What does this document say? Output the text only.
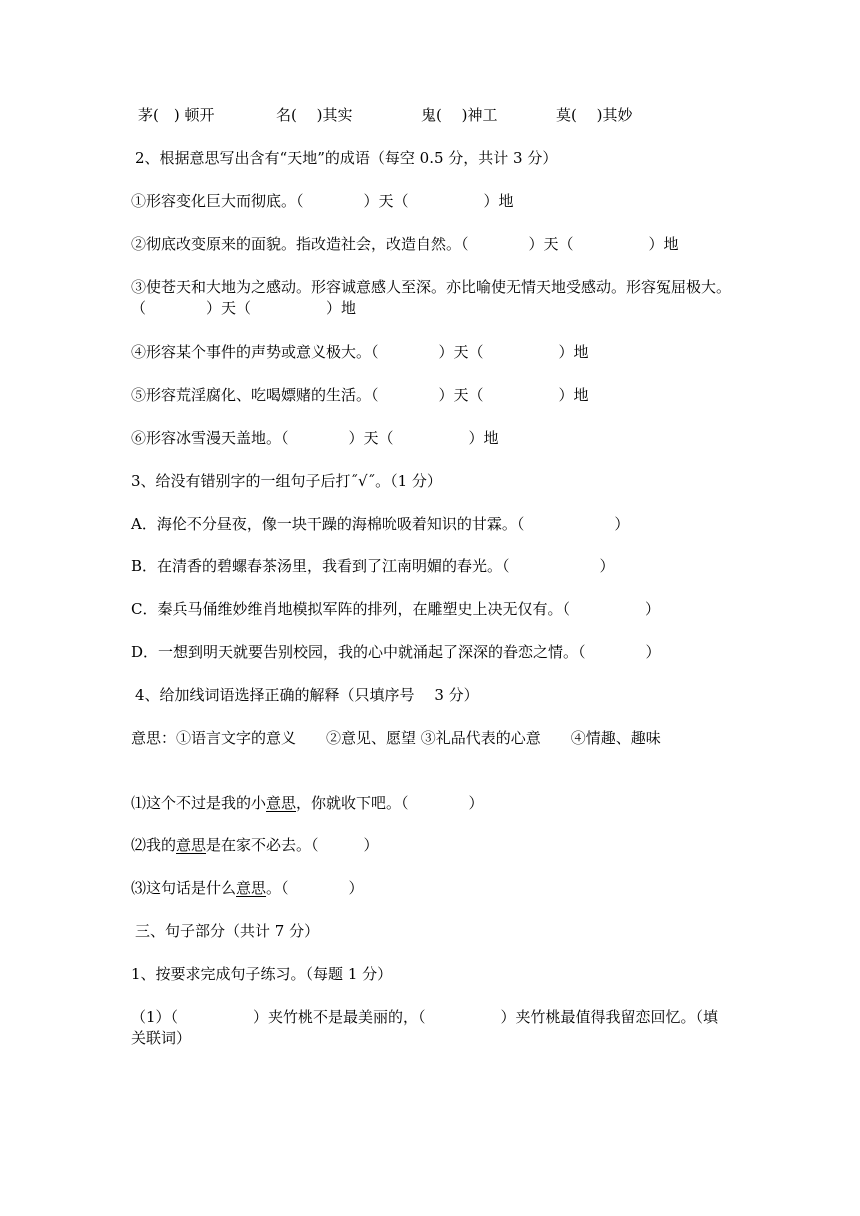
茅(　) 顿开	名(　 )其实	鬼(　 )神工	莫(　 )其妙
2、根据意思写出含有“天地”的成语（每空 0.5 分，共计 3 分）
①形容变化巨大而彻底。（　　　　）天（　　　　　）地
②彻底改变原来的面貌。指改造社会，改造自然。（　　　　）天（　　　　　）地
③使苍天和大地为之感动。形容诚意感人至深。亦比喻使无情天地受感动。形容冤屈极大。　（　　　　）天（　　　　　）地
④形容某个事件的声势或意义极大。（　　　　）天（　　　　　）地
⑤形容荒淫腐化、吃喝嫖赌的生活。（　　　　）天（　　　　　）地
⑥形容冰雪漫天盖地。（　　　　）天（　　　　　）地
3、给没有错别字的一组句子后打˝√˝。（1 分）
A．海伦不分昼夜，像一块干躁的海棉吮吸着知识的甘霖。（　　　　　　）
B．在清香的碧螺春茶汤里，我看到了江南明媚的春光。（　　　　　　）
C．秦兵马俑维妙维肖地模拟军阵的排列，在雕塑史上决无仅有。（　　　　　）
D．一想到明天就要告别校园，我的心中就涌起了深深的眷恋之情。（　　　　）
4、给加线词语选择正确的解释（只填序号　 3 分）
意思：①语言文字的意义　　②意见、愿望 ③礼品代表的心意　　④情趣、趣味
⑴这个不过是我的小意思，你就收下吧。（　　　　）
⑵我的意思是在家不必去。（　　　）
⑶这句话是什么意思。（　　　　）
三、句子部分（共计 7 分）
1、按要求完成句子练习。（每题 1 分）
（1）（　　　　　）夹竹桃不是最美丽的，（　　　　　）夹竹桃最值得我留恋回忆。（填关联词）
